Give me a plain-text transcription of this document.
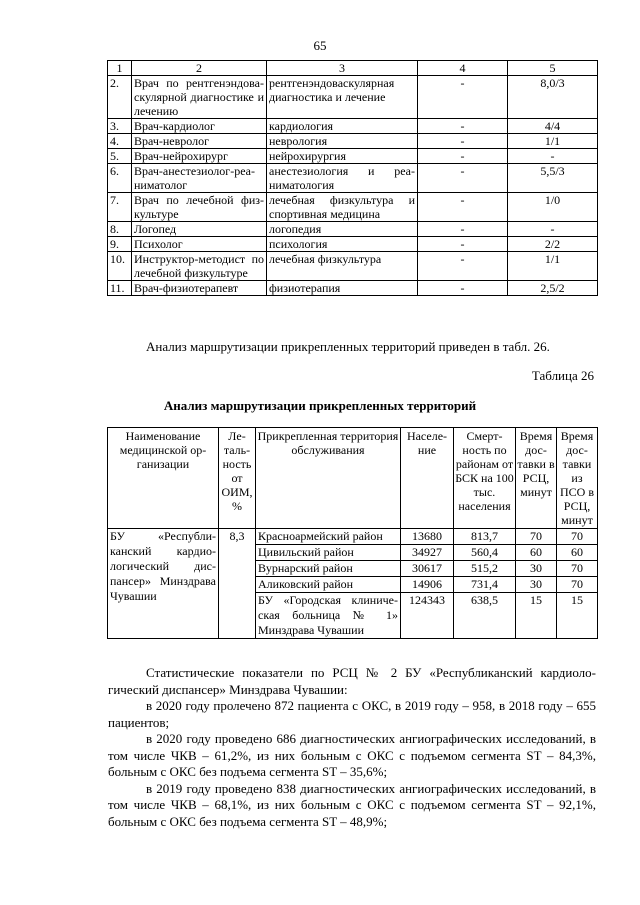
65
1	2	3	4	5
2.	Врач по рентгенэндоваскулярной диагностике и лечению	рентгенэндоваскулярная диагностика и лечение	-	8,0/3
3.	Врач-кардиолог	кардиология	-	4/4
4.	Врач-невролог	неврология	-	1/1
5.	Врач-нейрохирург	нейрохирургия	-	-
6.	Врач-анестезиолог-реаниматолог	анестезиология и реаниматология	-	5,5/3
7.	Врач по лечебной физкультуре	лечебная физкультура и спортивная медицина	-	1/0
8.	Логопед	логопедия	-	-
9.	Психолог	психология	-	2/2
10.	Инструктор-методист по лечебной физкультуре	лечебная физкультура	-	1/1
11.	Врач-физиотерапевт	физиотерапия	-	2,5/2
Анализ маршрутизации прикрепленных территорий приведен в табл. 26.
Таблица 26
Анализ маршрутизации прикрепленных территорий
Наименование медицинской организации	Летальность от ОИМ, %	Прикрепленная территория обслуживания	Население	Смертность по районам от БСК на 100 тыс. населения	Время доставки в РСЦ, минут	Время доставки из ПСО в РСЦ, минут
БУ «Республиканский кардиологический диспансер» Минздрава Чувашии	8,3	Красноармейский район	13680	813,7	70	70
		Цивильский район	34927	560,4	60	60
		Вурнарский район	30617	515,2	30	70
		Аликовский район	14906	731,4	30	70
		БУ «Городская клиническая больница № 1» Минздрава Чувашии	124343	638,5	15	15

Статистические показатели по РСЦ № 2 БУ «Республиканский кардиологический диспансер» Минздрава Чувашии:

в 2020 году пролечено 872 пациента с ОКС, в 2019 году – 958, в 2018 году – 655 пациентов;

в 2020 году проведено 686 диагностических ангиографических исследований, в том числе ЧКВ – 61,2%, из них больным с ОКС с подъемом сегмента ST – 84,3%, больным с ОКС без подъема сегмента ST – 35,6%;

в 2019 году проведено 838 диагностических ангиографических исследований, в том числе ЧКВ – 68,1%, из них больным с ОКС с подъемом сегмента ST – 92,1%, больным с ОКС без подъема сегмента ST – 48,9%;
